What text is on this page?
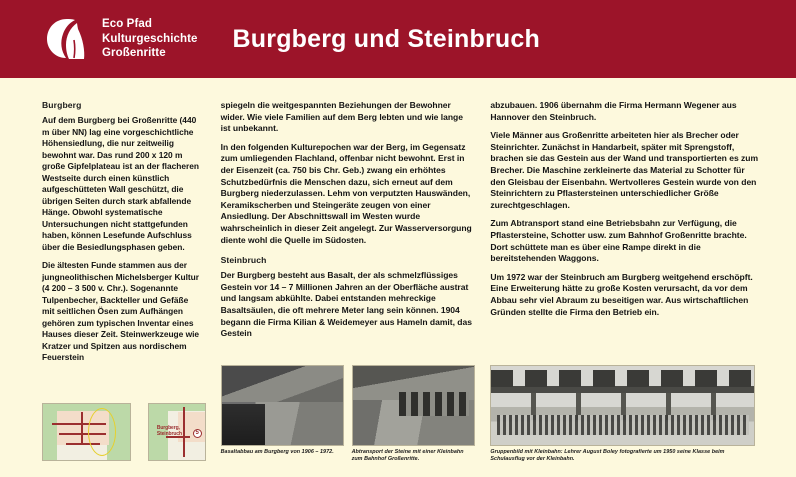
Eco Pfad
Kulturgeschichte
Großenritte
Burgberg und Steinbruch
Burgberg

Auf dem Burgberg bei Großenritte (440 m über NN) lag eine vorgeschichtliche Höhensiedlung, die nur zeitweilig bewohnt war. Das rund 200 x 120 m große Gipfelplateau ist an der flacheren Westseite durch einen künstlich aufgeschütteten Wall geschützt, die übrigen Seiten durch stark abfallende Hänge. Obwohl systematische Untersuchungen nicht stattgefunden haben, können Lesefunde Aufschluss über die Besiedlungsphasen geben.

Die ältesten Funde stammen aus der jungneolithischen Michelsberger Kultur (4 200 – 3 500 v. Chr.). Sogenannte Tulpenbecher, Backteller und Gefäße mit seitlichen Ösen zum Aufhängen gehören zum typischen Inventar eines Hauses dieser Zeit. Steinwerkzeuge wie Kratzer und Spitzen aus nordischem Feuerstein

Burgberg,
Steinbruch	5

spiegeln die weitgespannten Beziehungen der Bewohner wider. Wie viele Familien auf dem Berg lebten und wie lange ist unbekannt.

In den folgenden Kulturepochen war der Berg, im Gegensatz zum umliegenden Flachland, offenbar nicht bewohnt. Erst in der Eisenzeit (ca. 750 bis Chr. Geb.) zwang ein erhöhtes Schutzbedürfnis die Menschen dazu, sich erneut auf dem Burgberg niederzulassen. Lehm von verputzten Hauswänden, Keramikscherben und Steingeräte zeugen von einer Ansiedlung. Der Abschnittswall im Westen wurde wahrscheinlich in dieser Zeit angelegt. Zur Wasserversorgung diente wohl die Quelle im Südosten.

Steinbruch

Der Burgberg besteht aus Basalt, der als schmelzflüssiges Gestein vor 14 – 7 Millionen Jahren an der Oberfläche austrat und langsam abkühlte. Dabei entstanden mehreckige Basaltsäulen, die oft mehrere Meter lang sein können. 1904 begann die Firma Kilian & Weidemeyer aus Hameln damit, das Gestein

Basaltabbau am Burgberg von 1906 – 1972.	Abtransport der Steine mit einer Kleinbahn zum Bahnhof Großenritte.

abzubauen. 1906 übernahm die Firma Hermann Wegener aus Hannover den Steinbruch.

Viele Männer aus Großenritte arbeiteten hier als Brecher oder Steinrichter. Zunächst in Handarbeit, später mit Sprengstoff, brachen sie das Gestein aus der Wand und transportierten es zum Brecher. Die Maschine zerkleinerte das Material zu Schotter für den Gleisbau der Eisenbahn. Wertvolleres Gestein wurde von den Steinrichtern zu Pflastersteinen unterschiedlicher Größe zurechtgeschlagen.

Zum Abtransport stand eine Betriebsbahn zur Verfügung, die Pflastersteine, Schotter usw. zum Bahnhof Großenritte brachte. Dort schüttete man es über eine Rampe direkt in die bereitstehenden Waggons.

Um 1972 war der Steinbruch am Burgberg weitgehend erschöpft. Eine Erweiterung hätte zu große Kosten verursacht, da vor dem Abbau sehr viel Abraum zu beseitigen war. Aus wirtschaftlichen Gründen stellte die Firma den Betrieb ein.

Gruppenbild mit Kleinbahn: Lehrer August Boley fotografierte um 1950 seine Klasse beim Schulausflug vor der Kleinbahn.
